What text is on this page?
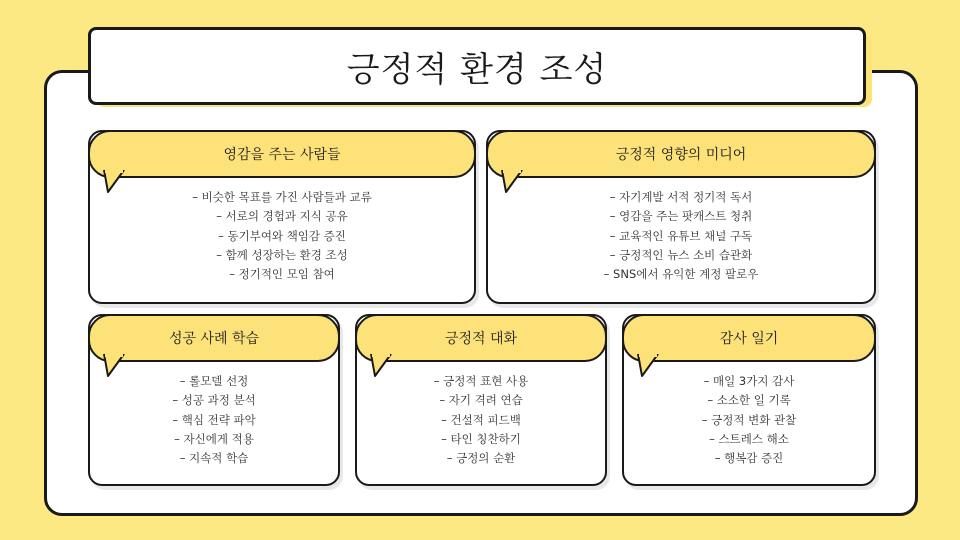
긍정적 환경 조성
영감을 주는 사람들
– 비슷한 목표를 가진 사람들과 교류
– 서로의 경험과 지식 공유
– 동기부여와 책임감 증진
– 함께 성장하는 환경 조성
– 정기적인 모임 참여
긍정적 영향의 미디어
– 자기계발 서적 정기적 독서
– 영감을 주는 팟캐스트 청취
– 교육적인 유튜브 채널 구독
– 긍정적인 뉴스 소비 습관화
– SNS에서 유익한 계정 팔로우
성공 사례 학습
– 롤모델 선정
– 성공 과정 분석
– 핵심 전략 파악
– 자신에게 적용
– 지속적 학습
긍정적 대화
– 긍정적 표현 사용
– 자기 격려 연습
– 건설적 피드백
– 타인 칭찬하기
– 긍정의 순환
감사 일기
– 매일 3가지 감사
– 소소한 일 기록
– 긍정적 변화 관찰
– 스트레스 해소
– 행복감 증진
